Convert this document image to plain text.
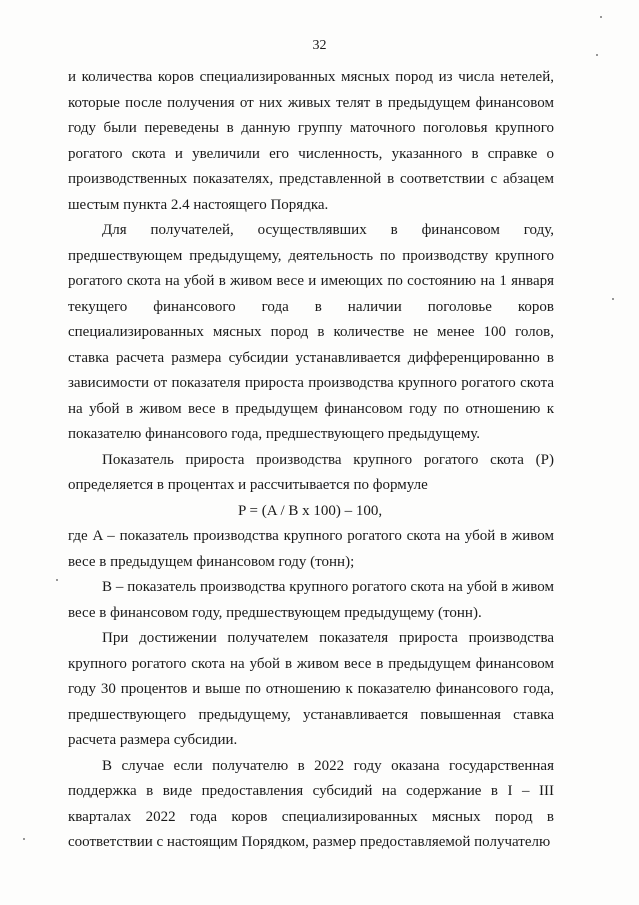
32

и количества коров специализированных мясных пород из числа нетелей, которые после получения от них живых телят в предыдущем финансовом году были переведены в данную группу маточного поголовья крупного рогатого скота и увеличили его численность, указанного в справке о производственных показателях, представленной в соответствии с абзацем шестым пункта 2.4 настоящего Порядка.

Для получателей, осуществлявших в финансовом году, предшествующем предыдущему, деятельность по производству крупного рогатого скота на убой в живом весе и имеющих по состоянию на 1 января текущего финансового года в наличии поголовье коров специализированных мясных пород в количестве не менее 100 голов, ставка расчета размера субсидии устанавливается дифференцированно в зависимости от показателя прироста производства крупного рогатого скота на убой в живом весе в предыдущем финансовом году по отношению к показателю финансового года, предшествующего предыдущему.

Показатель прироста производства крупного рогатого скота (P) определяется в процентах и рассчитывается по формуле

P = (A / B x 100) – 100,

где A – показатель производства крупного рогатого скота на убой в живом весе в предыдущем финансовом году (тонн);

B – показатель производства крупного рогатого скота на убой в живом весе в финансовом году, предшествующем предыдущему (тонн).

При достижении получателем показателя прироста производства крупного рогатого скота на убой в живом весе в предыдущем финансовом году 30 процентов и выше по отношению к показателю финансового года, предшествующего предыдущему, устанавливается повышенная ставка расчета размера субсидии.

В случае если получателю в 2022 году оказана государственная поддержка в виде предоставления субсидий на содержание в I – III кварталах 2022 года коров специализированных мясных пород в соответствии с настоящим Порядком, размер предоставляемой получателю
